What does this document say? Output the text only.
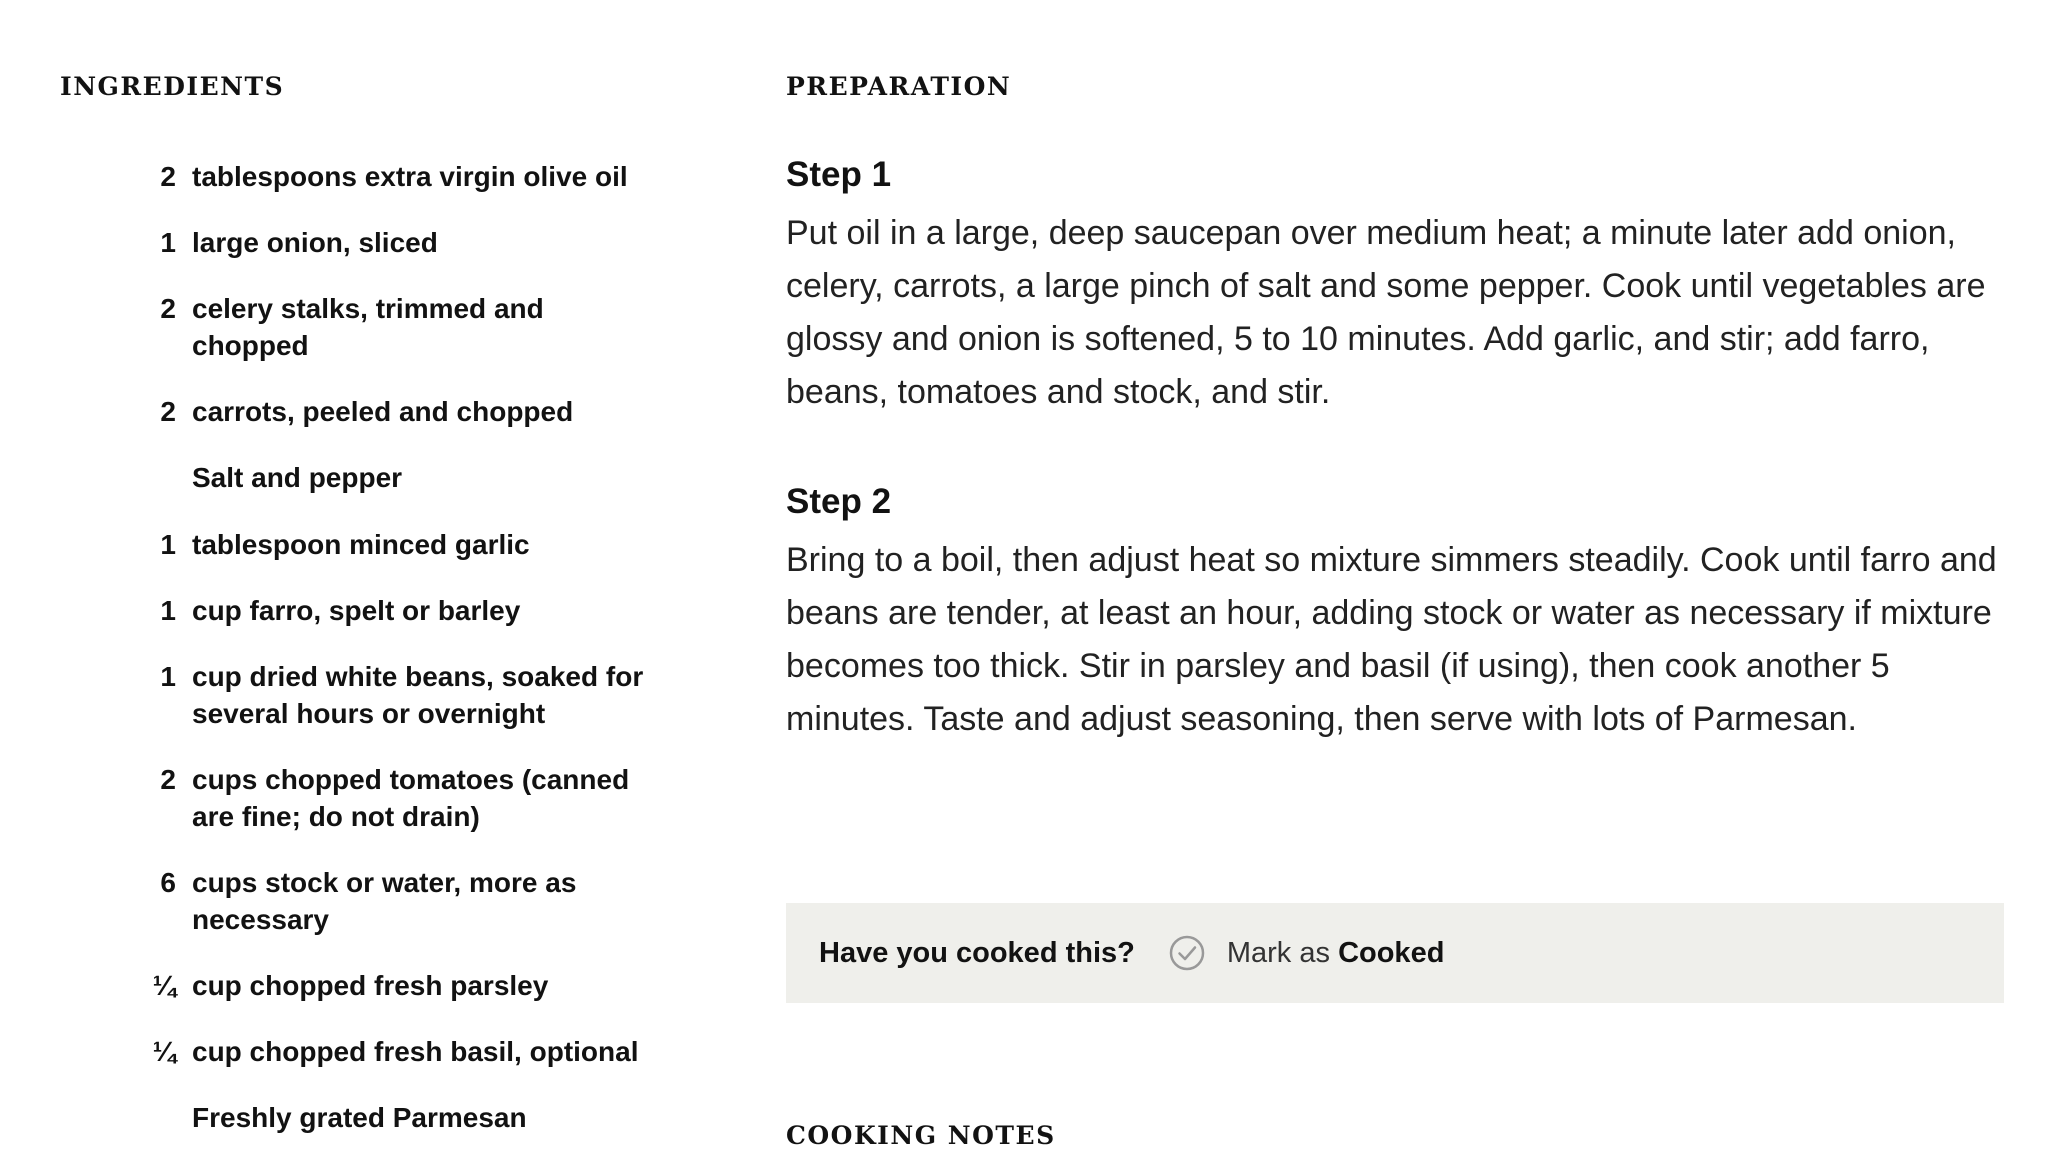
INGREDIENTS
2 tablespoons extra virgin olive oil
1 large onion, sliced
2 celery stalks, trimmed and chopped
2 carrots, peeled and chopped
Salt and pepper
1 tablespoon minced garlic
1 cup farro, spelt or barley
1 cup dried white beans, soaked for several hours or overnight
2 cups chopped tomatoes (canned are fine; do not drain)
6 cups stock or water, more as necessary
¼ cup chopped fresh parsley
¼ cup chopped fresh basil, optional
Freshly grated Parmesan
PREPARATION

Step 1

Put oil in a large, deep saucepan over medium heat; a minute later add onion, celery, carrots, a large pinch of salt and some pepper. Cook until vegetables are glossy and onion is softened, 5 to 10 minutes. Add garlic, and stir; add farro, beans, tomatoes and stock, and stir.

Step 2

Bring to a boil, then adjust heat so mixture simmers steadily. Cook until farro and beans are tender, at least an hour, adding stock or water as necessary if mixture becomes too thick. Stir in parsley and basil (if using), then cook another 5 minutes. Taste and adjust seasoning, then serve with lots of Parmesan.

Have you cooked this?	Mark as Cooked
COOKING NOTES
